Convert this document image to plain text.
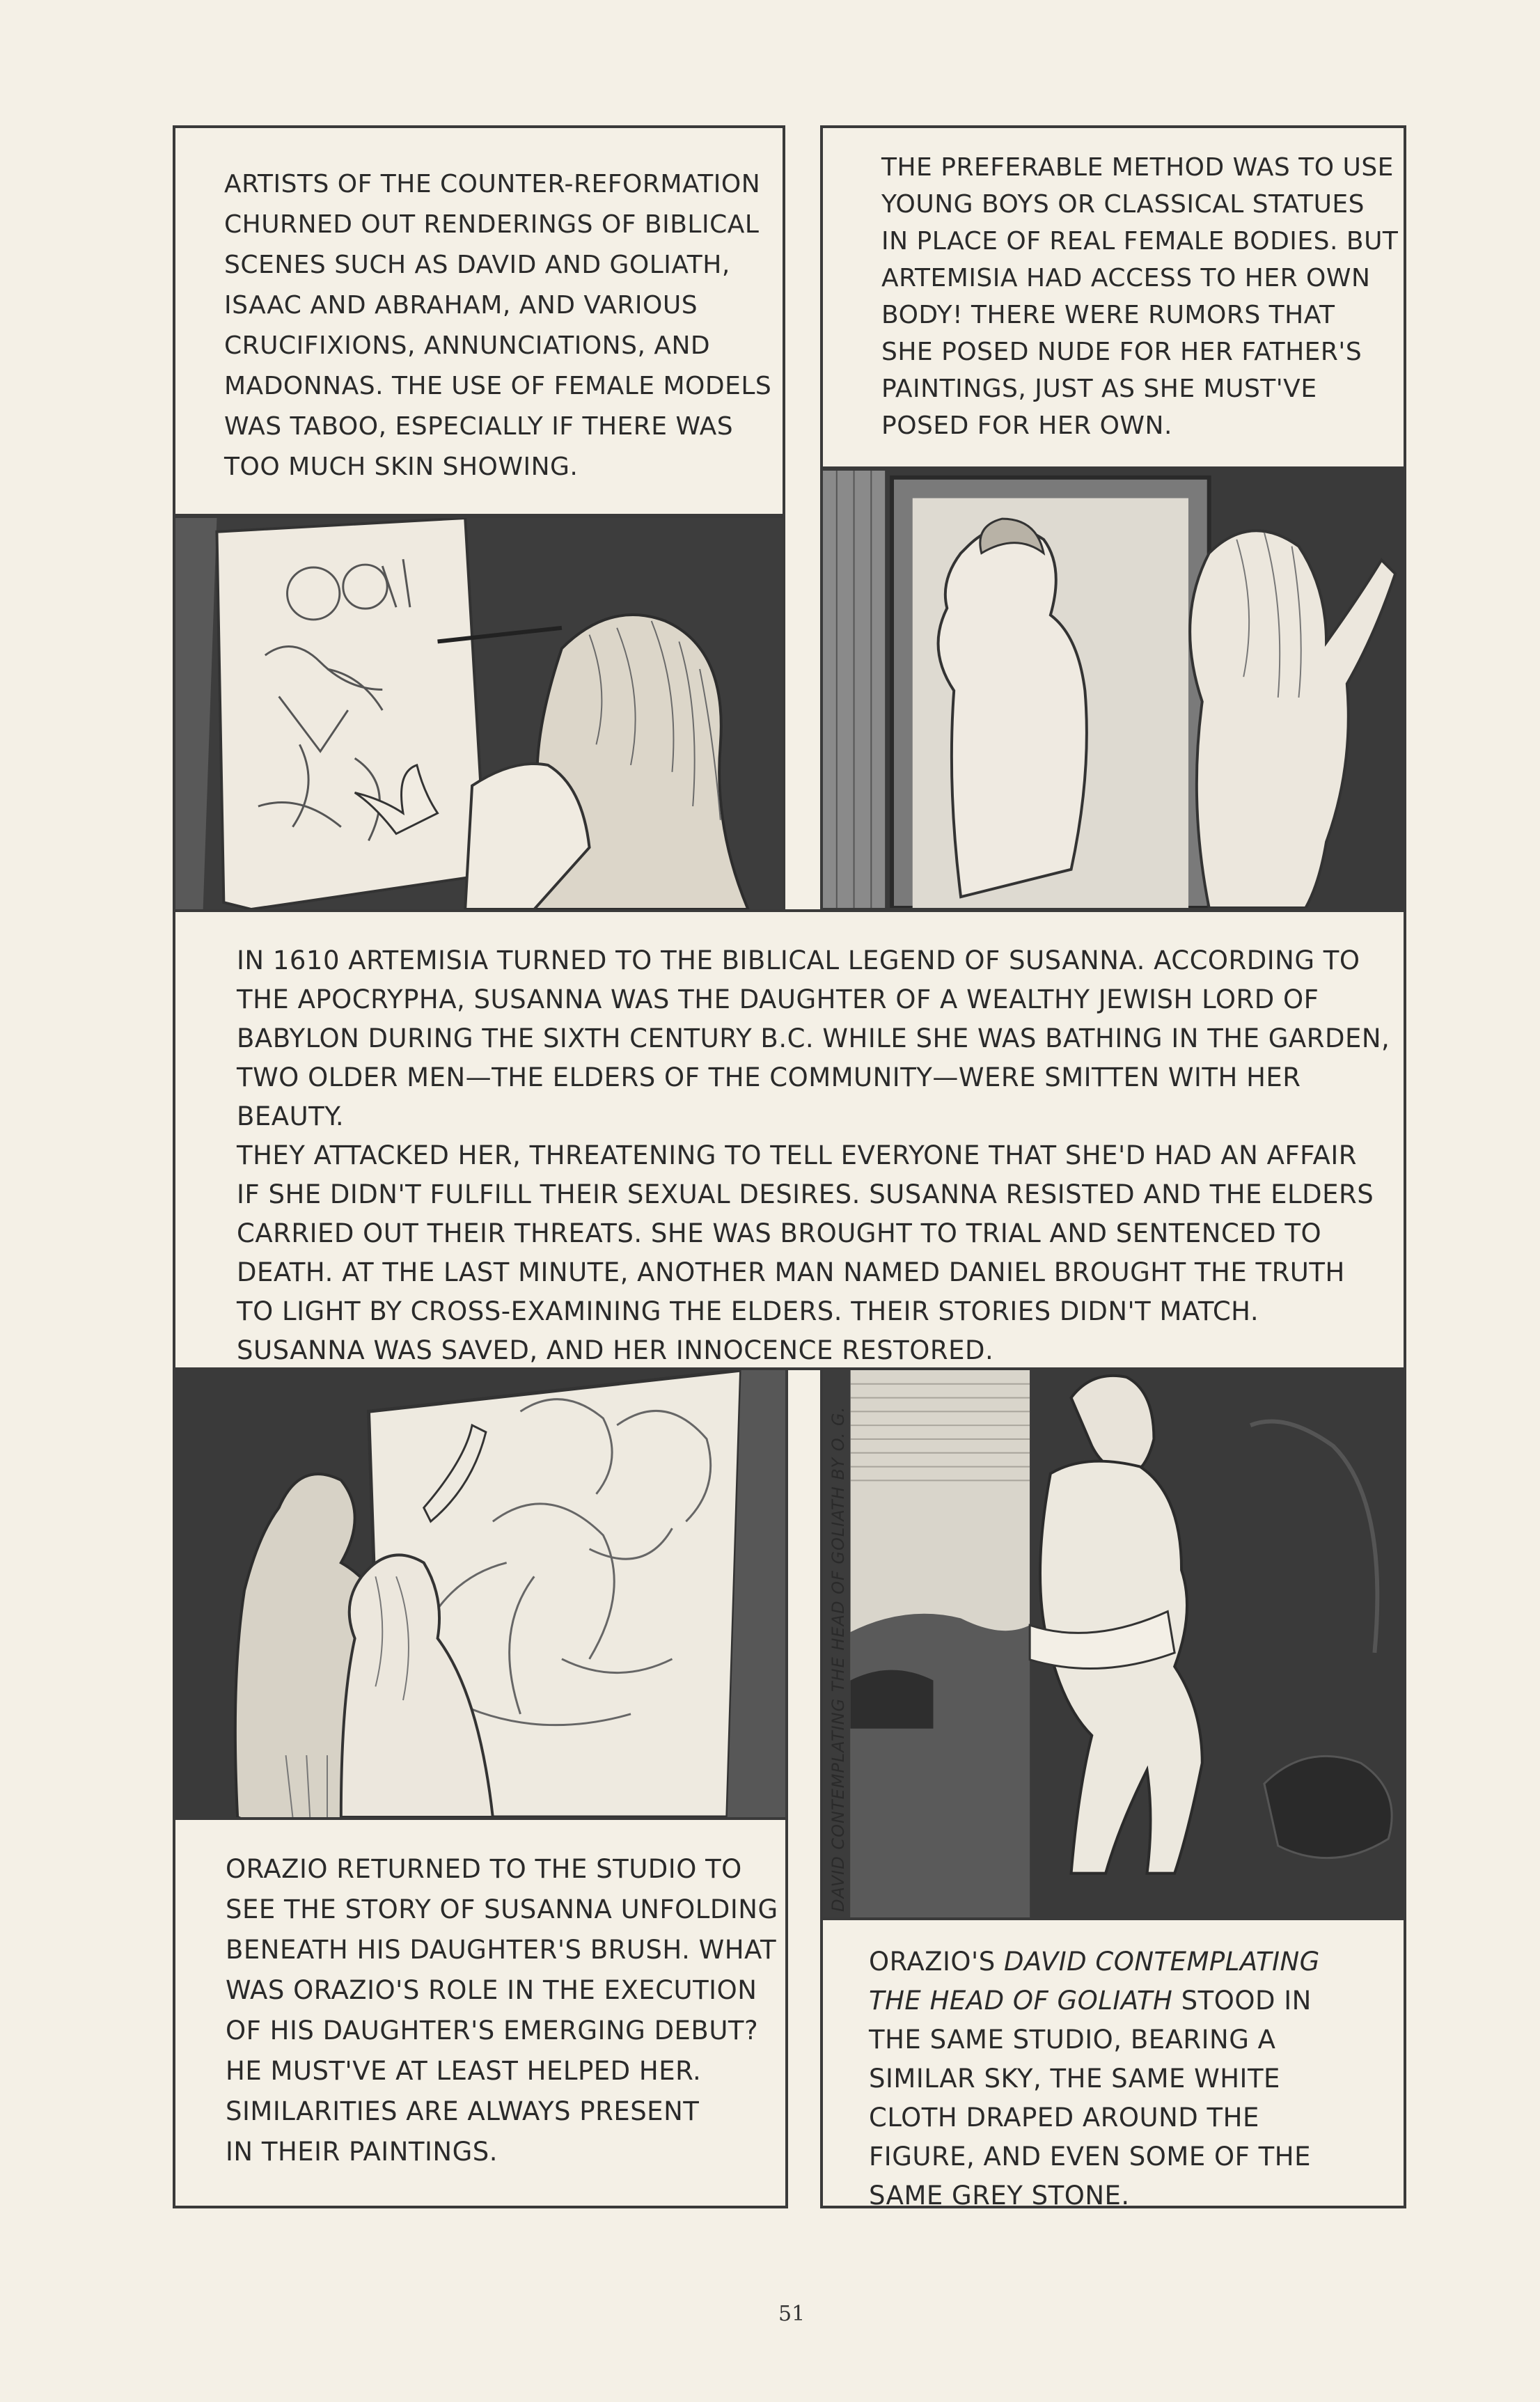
ARTISTS OF THE COUNTER-REFORMATION
CHURNED OUT RENDERINGS OF BIBLICAL
SCENES SUCH AS DAVID AND GOLIATH,
ISAAC AND ABRAHAM, AND VARIOUS
CRUCIFIXIONS, ANNUNCIATIONS, AND
MADONNAS. THE USE OF FEMALE MODELS
WAS TABOO, ESPECIALLY IF THERE WAS
TOO MUCH SKIN SHOWING.
THE PREFERABLE METHOD WAS TO USE
YOUNG BOYS OR CLASSICAL STATUES
IN PLACE OF REAL FEMALE BODIES. BUT
ARTEMISIA HAD ACCESS TO HER OWN
BODY! THERE WERE RUMORS THAT
SHE POSED NUDE FOR HER FATHER'S
PAINTINGS, JUST AS SHE MUST'VE
POSED FOR HER OWN.
IN 1610 ARTEMISIA TURNED TO THE BIBLICAL LEGEND OF SUSANNA. ACCORDING TO
THE APOCRYPHA, SUSANNA WAS THE DAUGHTER OF A WEALTHY JEWISH LORD OF
BABYLON DURING THE SIXTH CENTURY B.C. WHILE SHE WAS BATHING IN THE GARDEN,
TWO OLDER MEN—THE ELDERS OF THE COMMUNITY—WERE SMITTEN WITH HER BEAUTY.
THEY ATTACKED HER, THREATENING TO TELL EVERYONE THAT SHE'D HAD AN AFFAIR
IF SHE DIDN'T FULFILL THEIR SEXUAL DESIRES. SUSANNA RESISTED AND THE ELDERS
CARRIED OUT THEIR THREATS. SHE WAS BROUGHT TO TRIAL AND SENTENCED TO
DEATH. AT THE LAST MINUTE, ANOTHER MAN NAMED DANIEL BROUGHT THE TRUTH
TO LIGHT BY CROSS-EXAMINING THE ELDERS. THEIR STORIES DIDN'T MATCH.
SUSANNA WAS SAVED, AND HER INNOCENCE RESTORED.
ORAZIO RETURNED TO THE STUDIO TO
SEE THE STORY OF SUSANNA UNFOLDING
BENEATH HIS DAUGHTER'S BRUSH. WHAT
WAS ORAZIO'S ROLE IN THE EXECUTION
OF HIS DAUGHTER'S EMERGING DEBUT?
HE MUST'VE AT LEAST HELPED HER.
SIMILARITIES ARE ALWAYS PRESENT
IN THEIR PAINTINGS.
DAVID CONTEMPLATING THE HEAD OF GOLIATH BY O. G.
ORAZIO'S DAVID CONTEMPLATING THE HEAD OF GOLIATH STOOD IN THE SAME STUDIO, BEARING A SIMILAR SKY, THE SAME WHITE CLOTH DRAPED AROUND THE FIGURE, AND EVEN SOME OF THE SAME GREY STONE.
51
